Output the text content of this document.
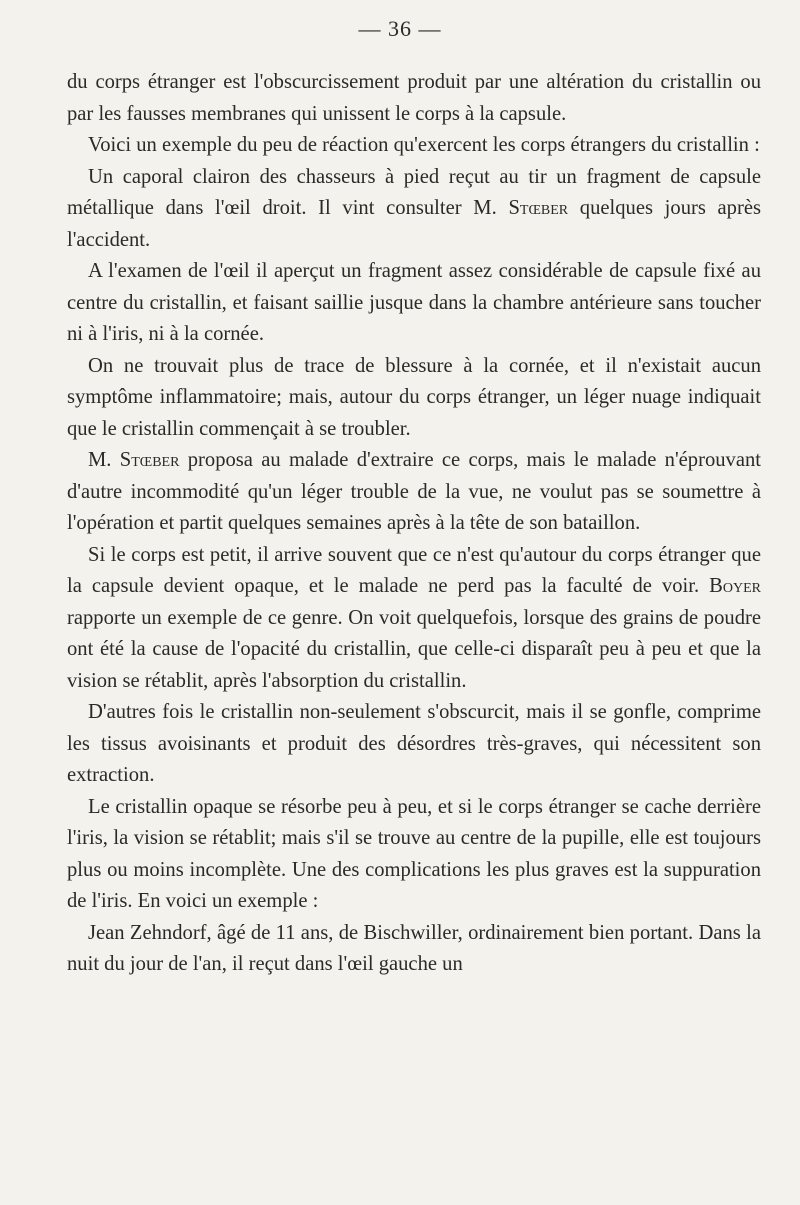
— 36 —

du corps étranger est l'obscurcissement produit par une altération du cristallin ou par les fausses membranes qui unissent le corps à la capsule.

Voici un exemple du peu de réaction qu'exercent les corps étrangers du cristallin :

Un caporal clairon des chasseurs à pied reçut au tir un fragment de capsule métallique dans l'œil droit. Il vint consulter M. Stœber quelques jours après l'accident.

A l'examen de l'œil il aperçut un fragment assez considérable de capsule fixé au centre du cristallin, et faisant saillie jusque dans la chambre antérieure sans toucher ni à l'iris, ni à la cornée.

On ne trouvait plus de trace de blessure à la cornée, et il n'existait aucun symptôme inflammatoire; mais, autour du corps étranger, un léger nuage indiquait que le cristallin commençait à se troubler.

M. Stœber proposa au malade d'extraire ce corps, mais le malade n'éprouvant d'autre incommodité qu'un léger trouble de la vue, ne voulut pas se soumettre à l'opération et partit quelques semaines après à la tête de son bataillon.

Si le corps est petit, il arrive souvent que ce n'est qu'autour du corps étranger que la capsule devient opaque, et le malade ne perd pas la faculté de voir. Boyer rapporte un exemple de ce genre. On voit quelquefois, lorsque des grains de poudre ont été la cause de l'opacité du cristallin, que celle-ci disparaît peu à peu et que la vision se rétablit, après l'absorption du cristallin.

D'autres fois le cristallin non-seulement s'obscurcit, mais il se gonfle, comprime les tissus avoisinants et produit des désordres très-graves, qui nécessitent son extraction.

Le cristallin opaque se résorbe peu à peu, et si le corps étranger se cache derrière l'iris, la vision se rétablit; mais s'il se trouve au centre de la pupille, elle est toujours plus ou moins incomplète. Une des complications les plus graves est la suppuration de l'iris. En voici un exemple :

Jean Zehndorf, âgé de 11 ans, de Bischwiller, ordinairement bien portant. Dans la nuit du jour de l'an, il reçut dans l'œil gauche un
